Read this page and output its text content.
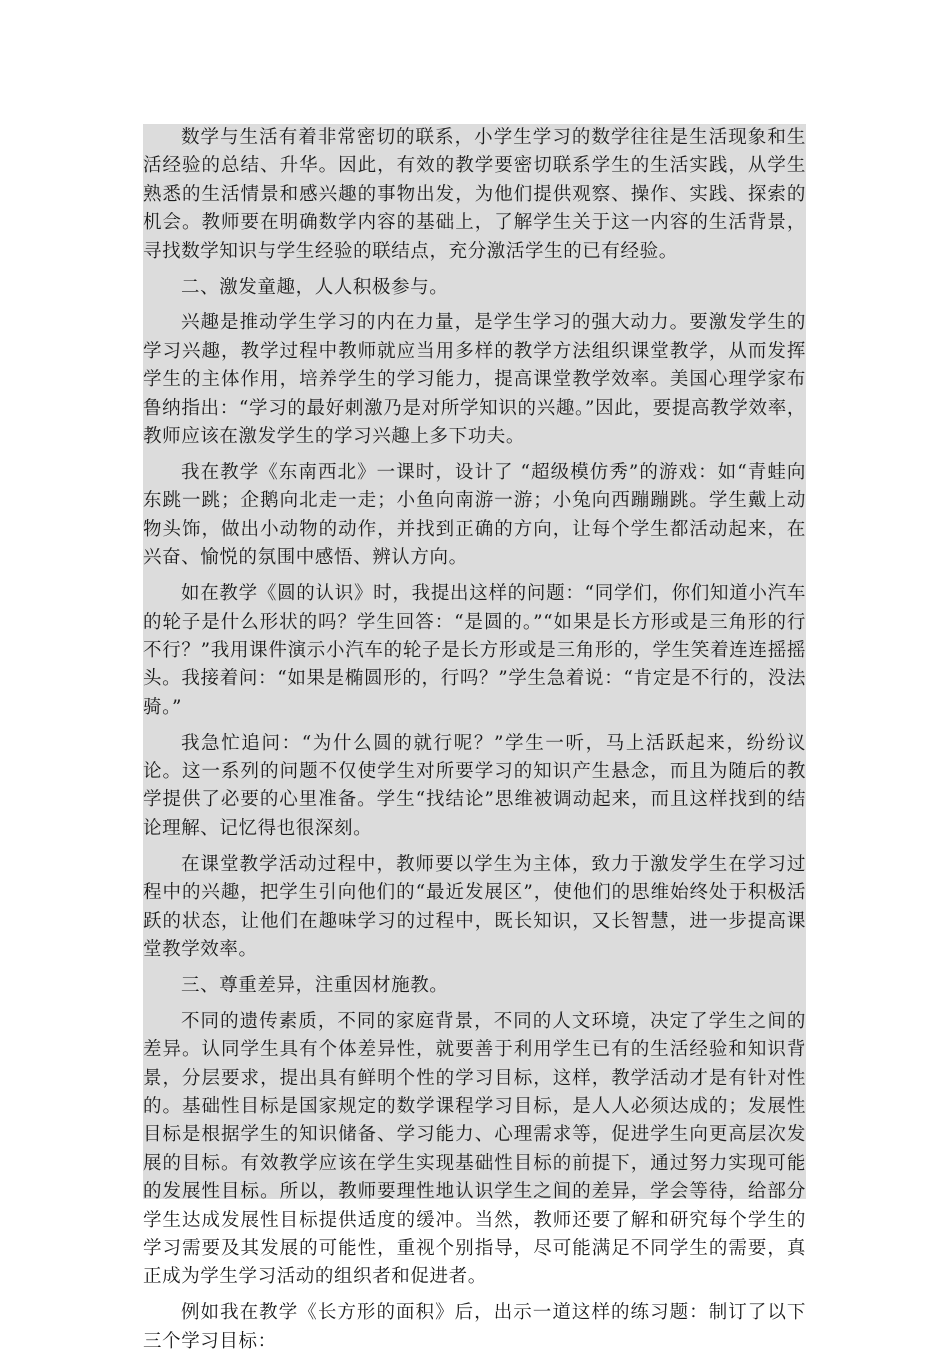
数学与生活有着非常密切的联系，小学生学习的数学往往是生活现象和生活经验的总结、升华。因此，有效的教学要密切联系学生的生活实践，从学生熟悉的生活情景和感兴趣的事物出发，为他们提供观察、操作、实践、探索的机会。教师要在明确数学内容的基础上，了解学生关于这一内容的生活背景，寻找数学知识与学生经验的联结点，充分激活学生的已有经验。

二、激发童趣，人人积极参与。

兴趣是推动学生学习的内在力量，是学生学习的强大动力。要激发学生的学习兴趣，教学过程中教师就应当用多样的教学方法组织课堂教学，从而发挥学生的主体作用，培养学生的学习能力，提高课堂教学效率。美国心理学家布鲁纳指出：“学习的最好刺激乃是对所学知识的兴趣。”因此，要提高教学效率，教师应该在激发学生的学习兴趣上多下功夫。

我在教学《东南西北》一课时，设计了 “超级模仿秀”的游戏：如“青蛙向东跳一跳；企鹅向北走一走；小鱼向南游一游；小兔向西蹦蹦跳。学生戴上动物头饰，做出小动物的动作，并找到正确的方向，让每个学生都活动起来，在兴奋、愉悦的氛围中感悟、辨认方向。

如在教学《圆的认识》时，我提出这样的问题：“同学们，你们知道小汽车的轮子是什么形状的吗？学生回答：“是圆的。”“如果是长方形或是三角形的行不行？”我用课件演示小汽车的轮子是长方形或是三角形的，学生笑着连连摇摇头。我接着问：“如果是椭圆形的，行吗？”学生急着说：“肯定是不行的，没法骑。”

我急忙追问：“为什么圆的就行呢？”学生一听，马上活跃起来，纷纷议论。这一系列的问题不仅使学生对所要学习的知识产生悬念，而且为随后的教学提供了必要的心里准备。学生“找结论”思维被调动起来，而且这样找到的结论理解、记忆得也很深刻。

在课堂教学活动过程中，教师要以学生为主体，致力于激发学生在学习过程中的兴趣，把学生引向他们的“最近发展区”，使他们的思维始终处于积极活跃的状态，让他们在趣味学习的过程中，既长知识，又长智慧，进一步提高课堂教学效率。

三、尊重差异，注重因材施教。

不同的遗传素质，不同的家庭背景，不同的人文环境，决定了学生之间的差异。认同学生具有个体差异性，就要善于利用学生已有的生活经验和知识背景，分层要求，提出具有鲜明个性的学习目标，这样，教学活动才是有针对性的。基础性目标是国家规定的数学课程学习目标，是人人必须达成的；发展性目标是根据学生的知识储备、学习能力、心理需求等，促进学生向更高层次发展的目标。有效教学应该在学生实现基础性目标的前提下，通过努力实现可能的发展性目标。所以，教师要理性地认识学生之间的差异，学会等待，给部分学生达成发展性目标提供适度的缓冲。当然，教师还要了解和研究每个学生的学习需要及其发展的可能性，重视个别指导，尽可能满足不同学生的需要，真正成为学生学习活动的组织者和促进者。

例如我在教学《长方形的面积》后，出示一道这样的练习题：制订了以下三个学习目标：
